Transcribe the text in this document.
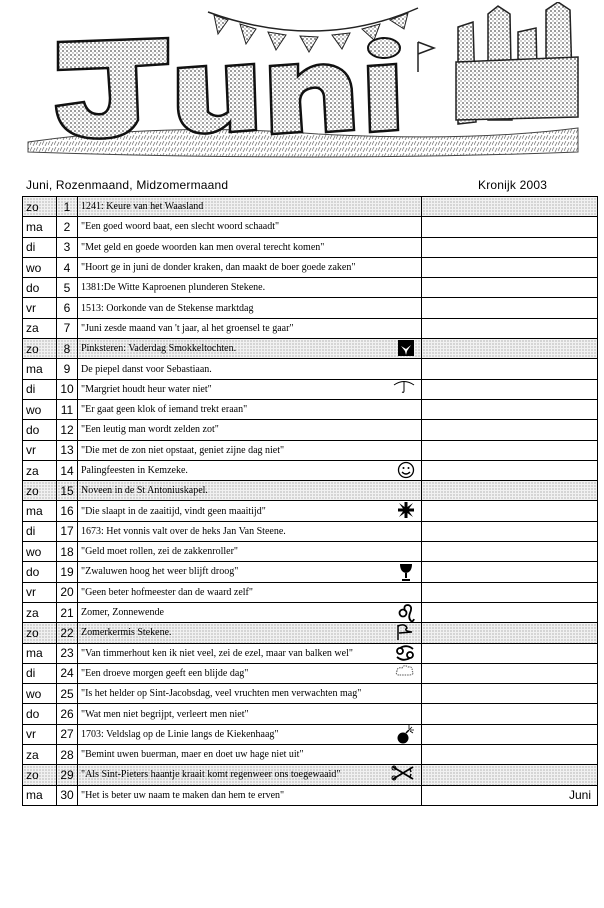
Juni, Rozenmaand, Midzomermaand	Kronijk 2003
zo	1	1241: Keure van het Waasland	
ma	2	"Een goed woord baat, een slecht woord schaadt"	
di	3	"Met geld en goede woorden kan men overal terecht komen"	
wo	4	"Hoort ge in juni de donder kraken, dan maakt de boer goede zaken"	
do	5	1381:De Witte Kaproenen plunderen Stekene.	
vr	6	1513: Oorkonde van de Stekense marktdag	
za	7	"Juni zesde maand van 't jaar, al het groensel te gaar"	
zo	8	Pinksteren: Vaderdag Smokkeltochten.

ma	9	De piepel danst voor Sebastiaan.	
di	10	"Margriet houdt heur water niet"

wo	11	"Er gaat geen klok of iemand trekt eraan"	
do	12	"Een leutig man wordt zelden zot"	
vr	13	"Die met de zon niet opstaat, geniet zijne dag niet"	
za	14	Palingfeesten in Kemzeke.

zo	15	Noveen in de St Antoniuskapel.	
ma	16	"Die slaapt in de zaaitijd, vindt geen maaitijd"

di	17	1673: Het vonnis valt over de heks Jan Van Steene.	
wo	18	"Geld moet rollen, zei de zakkenroller"	
do	19	"Zwaluwen hoog het weer blijft droog"

vr	20	"Geen beter hofmeester dan de waard zelf"	
za	21	Zomer, Zonnewende

zo	22	Zomerkermis Stekene.

ma	23	"Van timmerhout ken ik niet veel, zei de ezel, maar van balken wel"

di	24	"Een droeve morgen geeft een blijde dag"

wo	25	"Is het helder op Sint-Jacobsdag, veel vruchten men verwachten mag"	
do	26	"Wat men niet begrijpt, verleert men niet"	
vr	27	1703: Veldslag op de Linie langs de Kiekenhaag"

za	28	"Bemint uwen buerman, maer en doet uw hage niet uit"	
zo	29	"Als Sint-Pieters haantje kraait komt regenweer ons toegewaaid"

ma	30	"Het is beter uw naam te maken dan hem te erven"	Juni
